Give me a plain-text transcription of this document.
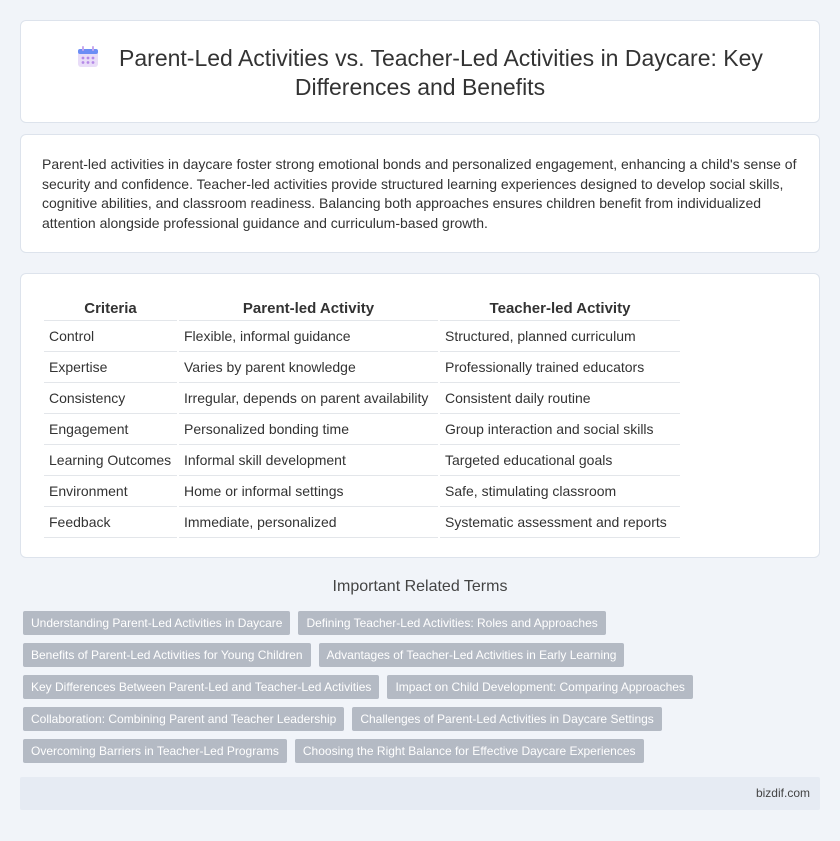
Parent-Led Activities vs. Teacher-Led Activities in Daycare: Key Differences and Benefits

Parent-led activities in daycare foster strong emotional bonds and personalized engagement, enhancing a child's sense of security and confidence. Teacher-led activities provide structured learning experiences designed to develop social skills, cognitive abilities, and classroom readiness. Balancing both approaches ensures children benefit from individualized attention alongside professional guidance and curriculum-based growth.

Criteria	Parent-led Activity	Teacher-led Activity
Control	Flexible, informal guidance	Structured, planned curriculum
Expertise	Varies by parent knowledge	Professionally trained educators
Consistency	Irregular, depends on parent availability	Consistent daily routine
Engagement	Personalized bonding time	Group interaction and social skills
Learning Outcomes	Informal skill development	Targeted educational goals
Environment	Home or informal settings	Safe, stimulating classroom
Feedback	Immediate, personalized	Systematic assessment and reports
Important Related Terms
Understanding Parent-Led Activities in Daycare	Defining Teacher-Led Activities: Roles and Approaches
Benefits of Parent-Led Activities for Young Children	Advantages of Teacher-Led Activities in Early Learning
Key Differences Between Parent-Led and Teacher-Led Activities	Impact on Child Development: Comparing Approaches
Collaboration: Combining Parent and Teacher Leadership	Challenges of Parent-Led Activities in Daycare Settings
Overcoming Barriers in Teacher-Led Programs	Choosing the Right Balance for Effective Daycare Experiences
bizdif.com
